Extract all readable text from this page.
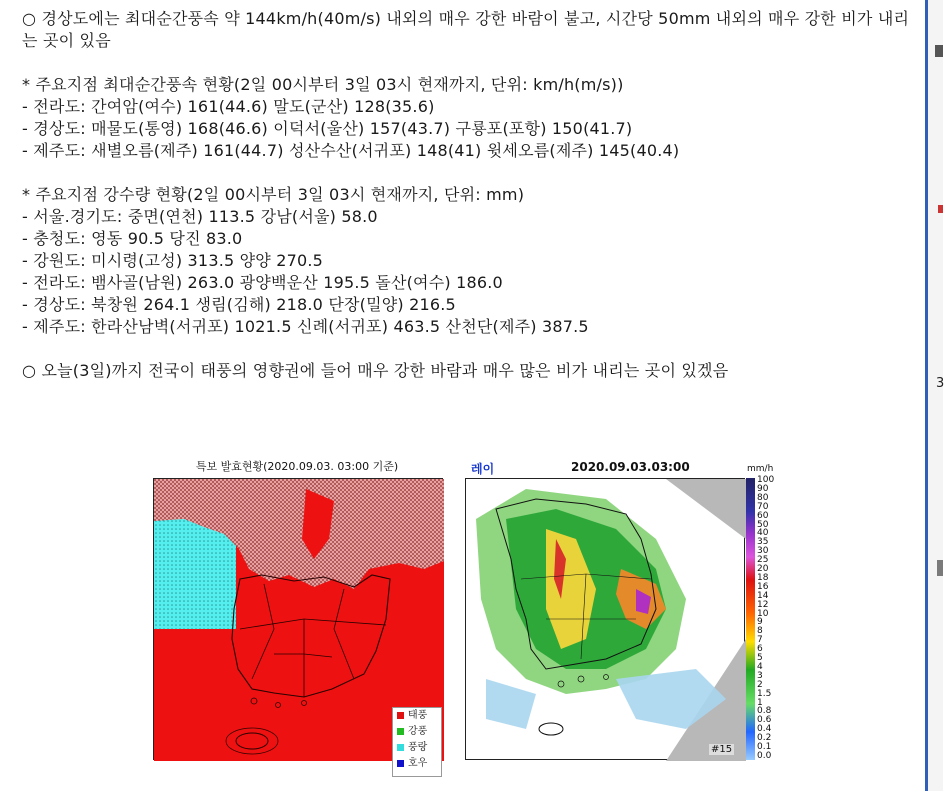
3

○ 경상도에는 최대순간풍속 약 144km/h(40m/s) 내외의 매우 강한 바람이 불고, 시간당 50mm 내외의 매우 강한 비가 내리는 곳이 있음

* 주요지점 최대순간풍속 현황(2일 00시부터 3일 03시 현재까지, 단위: km/h(m/s))

- 전라도: 간여암(여수) 161(44.6) 말도(군산) 128(35.6)

- 경상도: 매물도(통영) 168(46.6) 이덕서(울산) 157(43.7) 구룡포(포항) 150(41.7)

- 제주도: 새별오름(제주) 161(44.7) 성산수산(서귀포) 148(41) 윗세오름(제주) 145(40.4)

* 주요지점 강수량 현황(2일 00시부터 3일 03시 현재까지, 단위: mm)

- 서울.경기도: 중면(연천) 113.5 강남(서울) 58.0

- 충청도: 영동 90.5 당진 83.0

- 강원도: 미시령(고성) 313.5 양양 270.5

- 전라도: 뱀사골(남원) 263.0 광양백운산 195.5 돌산(여수) 186.0

- 경상도: 북창원 264.1 생림(김해) 218.0 단장(밀양) 216.5

- 제주도: 한라산남벽(서귀포) 1021.5 신례(서귀포) 463.5 산천단(제주) 387.5

○ 오늘(3일)까지 전국이 태풍의 영향권에 들어 매우 강한 바람과 매우 많은 비가 내리는 곳이 있겠음

특보 발효현황(2020.09.03. 03:00 기준)
태풍
강풍
풍랑
호우
레이	2020.09.03.03:00	mm/h
100
90
80
70
60
50
40
35
30
25
20
18
16
14
12
10
9
8
7
6
5
4
3
2
1.5
1
0.8
0.6
0.4
0.2
0.1
0.0
#15
